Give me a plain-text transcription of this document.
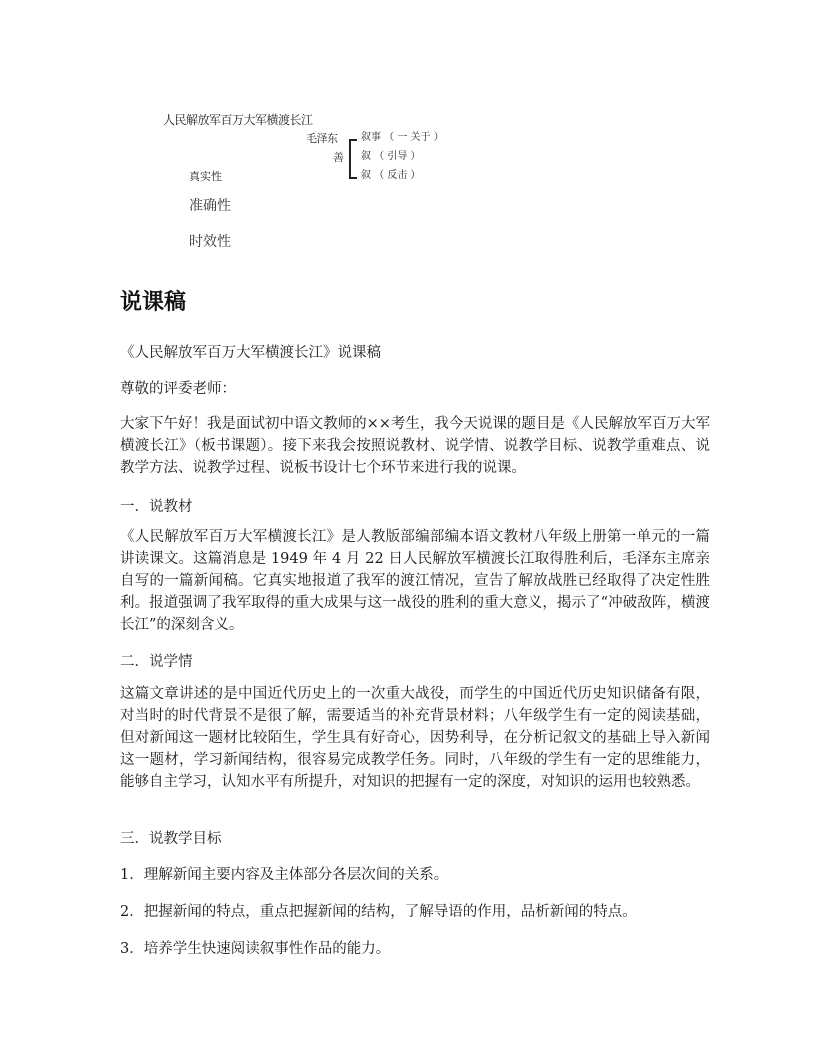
人民解放军百万大军横渡长江
毛泽东
善
叙事 （ 一 关于 ）
叙 （ 引导 ）
叙 （ 反击 ）
真实性
准确性
时效性
说课稿

《人民解放军百万大军横渡长江》说课稿

尊敬的评委老师：

大家下午好！我是面试初中语文教师的××考生，我今天说课的题目是《人民解放军百万大军横渡长江》（板书课题）。接下来我会按照说教材、说学情、说教学目标、说教学重难点、说教学方法、说教学过程、说板书设计七个环节来进行我的说课。

一．说教材

《人民解放军百万大军横渡长江》是人教版部编部编本语文教材八年级上册第一单元的一篇讲读课文。这篇消息是 1949 年 4 月 22 日人民解放军横渡长江取得胜利后，毛泽东主席亲自写的一篇新闻稿。它真实地报道了我军的渡江情况，宣告了解放战胜已经取得了决定性胜利。报道强调了我军取得的重大成果与这一战役的胜利的重大意义，揭示了“冲破敌阵，横渡长江”的深刻含义。

二．说学情

这篇文章讲述的是中国近代历史上的一次重大战役，而学生的中国近代历史知识储备有限，对当时的时代背景不是很了解，需要适当的补充背景材料；八年级学生有一定的阅读基础，但对新闻这一题材比较陌生，学生具有好奇心，因势利导，在分析记叙文的基础上导入新闻这一题材，学习新闻结构，很容易完成教学任务。同时，八年级的学生有一定的思维能力，能够自主学习，认知水平有所提升，对知识的把握有一定的深度，对知识的运用也较熟悉。

三．说教学目标

1．理解新闻主要内容及主体部分各层次间的关系。

2．把握新闻的特点，重点把握新闻的结构，了解导语的作用，品析新闻的特点。

3．培养学生快速阅读叙事性作品的能力。
